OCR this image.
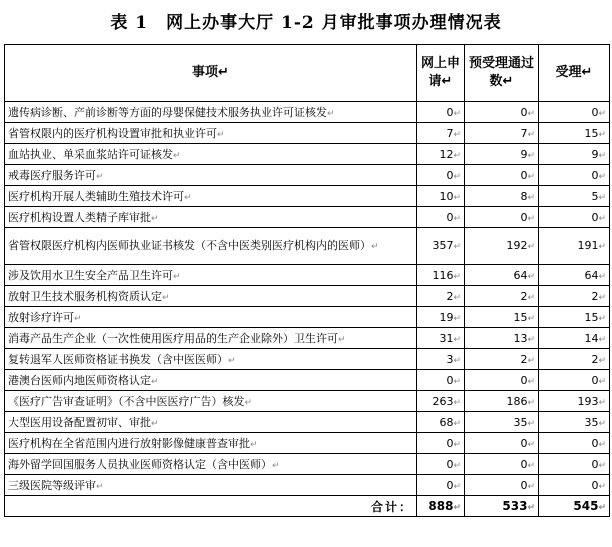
表 1　网上办事大厅 1-2 月审批事项办理情况表
事项↵	网上申请↵	预受理通过数↵	受理↵
遗传病诊断、产前诊断等方面的母婴保健技术服务执业许可证核发↵	0↵	0↵	0↵
省管权限内的医疗机构设置审批和执业许可↵	7↵	7↵	15↵
血站执业、单采血浆站许可证核发↵	12↵	9↵	9↵
戒毒医疗服务许可↵	0↵	0↵	0↵
医疗机构开展人类辅助生殖技术许可↵	10↵	8↵	5↵
医疗机构设置人类精子库审批↵	0↵	0↵	0↵
省管权限医疗机构内医师执业证书核发（不含中医类别医疗机构内的医师）↵	357↵	192↵	191↵
涉及饮用水卫生安全产品卫生许可↵	116↵	64↵	64↵
放射卫生技术服务机构资质认定↵	2↵	2↵	2↵
放射诊疗许可↵	19↵	15↵	15↵
消毒产品生产企业（一次性使用医疗用品的生产企业除外）卫生许可↵	31↵	13↵	14↵
复转退军人医师资格证书换发（含中医医师）↵	3↵	2↵	2↵
港澳台医师内地医师资格认定↵	0↵	0↵	0↵
《医疗广告审查证明》（不含中医医疗广告）核发↵	263↵	186↵	193↵
大型医用设备配置初审、审批↵	68↵	35↵	35↵
医疗机构在全省范围内进行放射影像健康普查审批↵	0↵	0↵	0↵
海外留学回国服务人员执业医师资格认定（含中医师）↵	0↵	0↵	0↵
三级医院等级评审↵	0↵	0↵	0↵
合计：	888↵	533↵	545↵
